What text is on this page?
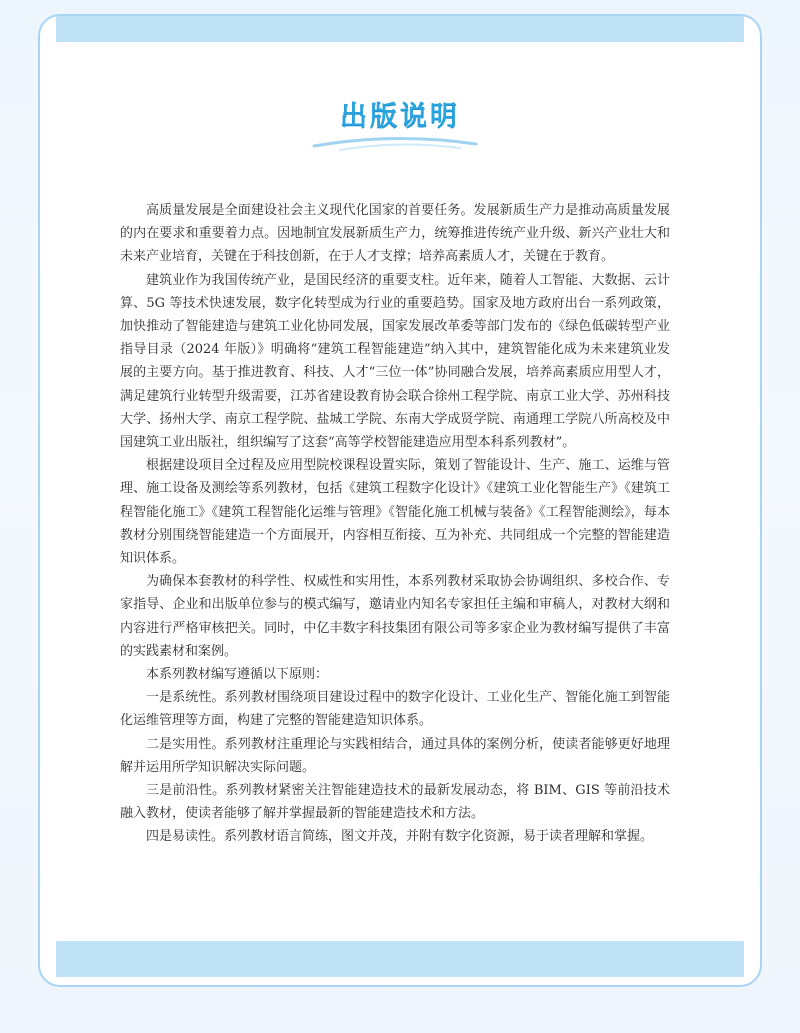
出版说明

高质量发展是全面建设社会主义现代化国家的首要任务。发展新质生产力是推动高质量发展的内在要求和重要着力点。因地制宜发展新质生产力，统筹推进传统产业升级、新兴产业壮大和未来产业培育，关键在于科技创新，在于人才支撑；培养高素质人才，关键在于教育。

建筑业作为我国传统产业，是国民经济的重要支柱。近年来，随着人工智能、大数据、云计算、5G 等技术快速发展，数字化转型成为行业的重要趋势。国家及地方政府出台一系列政策，加快推动了智能建造与建筑工业化协同发展，国家发展改革委等部门发布的《绿色低碳转型产业指导目录（2024 年版）》明确将“建筑工程智能建造”纳入其中，建筑智能化成为未来建筑业发展的主要方向。基于推进教育、科技、人才“三位一体”协同融合发展，培养高素质应用型人才，满足建筑行业转型升级需要，江苏省建设教育协会联合徐州工程学院、南京工业大学、苏州科技大学、扬州大学、南京工程学院、盐城工学院、东南大学成贤学院、南通理工学院八所高校及中国建筑工业出版社，组织编写了这套“高等学校智能建造应用型本科系列教材”。

根据建设项目全过程及应用型院校课程设置实际，策划了智能设计、生产、施工、运维与管理、施工设备及测绘等系列教材，包括《建筑工程数字化设计》《建筑工业化智能生产》《建筑工程智能化施工》《建筑工程智能化运维与管理》《智能化施工机械与装备》《工程智能测绘》，每本教材分别围绕智能建造一个方面展开，内容相互衔接、互为补充、共同组成一个完整的智能建造知识体系。

为确保本套教材的科学性、权威性和实用性，本系列教材采取协会协调组织、多校合作、专家指导、企业和出版单位参与的模式编写，邀请业内知名专家担任主编和审稿人，对教材大纲和内容进行严格审核把关。同时，中亿丰数字科技集团有限公司等多家企业为教材编写提供了丰富的实践素材和案例。

本系列教材编写遵循以下原则：

一是系统性。系列教材围绕项目建设过程中的数字化设计、工业化生产、智能化施工到智能化运维管理等方面，构建了完整的智能建造知识体系。

二是实用性。系列教材注重理论与实践相结合，通过具体的案例分析，使读者能够更好地理解并运用所学知识解决实际问题。

三是前沿性。系列教材紧密关注智能建造技术的最新发展动态，将 BIM、GIS 等前沿技术融入教材，使读者能够了解并掌握最新的智能建造技术和方法。

四是易读性。系列教材语言简练，图文并茂，并附有数字化资源，易于读者理解和掌握。
